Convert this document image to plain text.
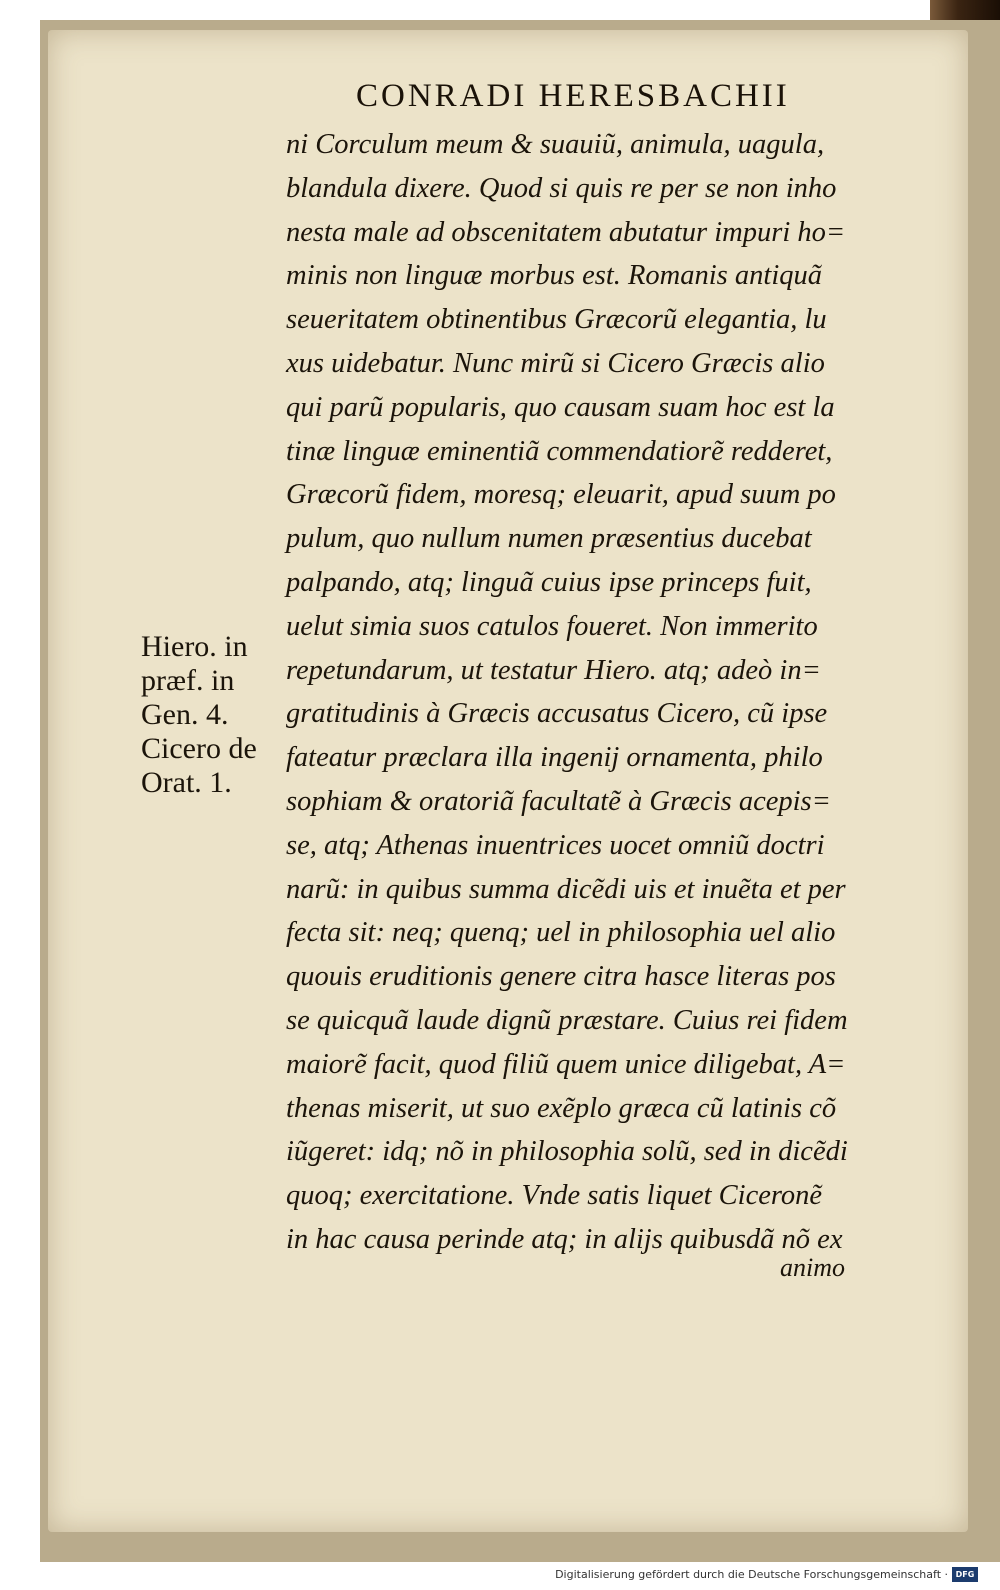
CONRADI HERESBACHII
ni Corculum meum & suauiũ, animula, uagula,
blandula dixere. Quod si quis re per se non inho
nesta male ad obscenitatem abutatur impuri ho=
minis non linguæ morbus est. Romanis antiquã
seueritatem obtinentibus Græcorũ elegantia, lu
xus uidebatur. Nunc mirũ si Cicero Græcis alio
qui parũ popularis, quo causam suam hoc est la
tinæ linguæ eminentiã commendatiorẽ redderet,
Græcorũ fidem, moresq; eleuarit, apud suum po
pulum, quo nullum numen præsentius ducebat
palpando, atq; linguã cuius ipse princeps fuit,
uelut simia suos catulos foueret. Non immerito
repetundarum, ut testatur Hiero. atq; adeò in=
gratitudinis à Græcis accusatus Cicero, cũ ipse
fateatur præclara illa ingenij ornamenta, philo
sophiam & oratoriã facultatẽ à Græcis acepis=
se, atq; Athenas inuentrices uocet omniũ doctri
narũ: in quibus summa dicẽdi uis et inuẽta et per
fecta sit: neq; quenq; uel in philosophia uel alio
quouis eruditionis genere citra hasce literas pos
se quicquã laude dignũ præstare. Cuius rei fidem
maiorẽ facit, quod filiũ quem unice diligebat, A=
thenas miserit, ut suo exẽplo græca cũ latinis cõ
iũgeret: idq; nõ in philosophia solũ, sed in dicẽdi
quoq; exercitatione. Vnde satis liquet Ciceronẽ
in hac causa perinde atq; in alijs quibusdã nõ ex
animo
Hiero. in
præf. in
Gen. 4.
Cicero de
Orat. 1.
Digitalisierung gefördert durch die Deutsche Forschungsgemeinschaft · DFG
